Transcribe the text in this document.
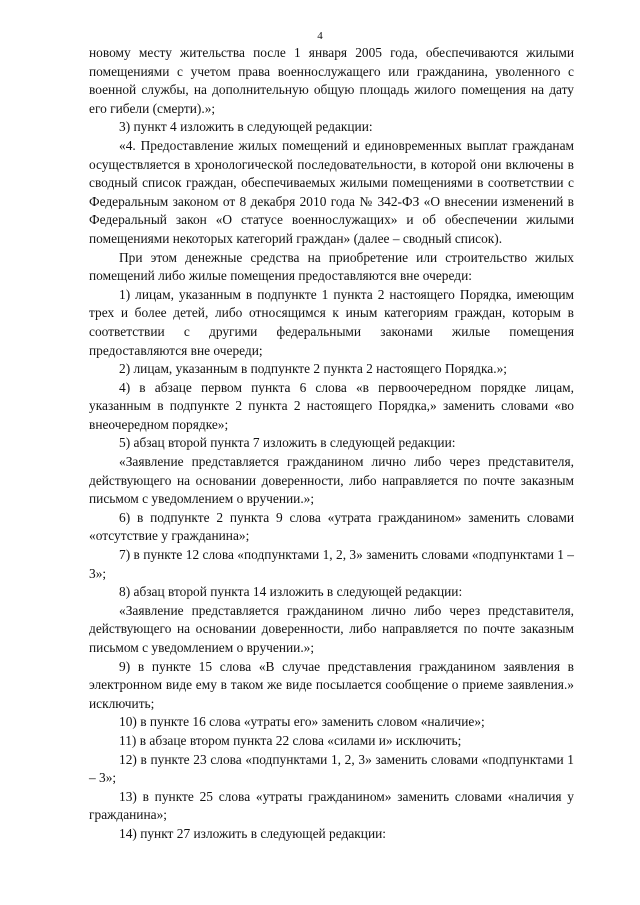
4

новому месту жительства после 1 января 2005 года, обеспечиваются жилыми помещениями с учетом права военнослужащего или гражданина, уволенного с военной службы, на дополнительную общую площадь жилого помещения на дату его гибели (смерти).»;

3) пункт 4 изложить в следующей редакции:

«4. Предоставление жилых помещений и единовременных выплат гражданам осуществляется в хронологической последовательности, в которой они включены в сводный список граждан, обеспечиваемых жилыми помещениями в соответствии с Федеральным законом от 8 декабря 2010 года № 342-ФЗ «О внесении изменений в Федеральный закон «О статусе военнослужащих» и об обеспечении жилыми помещениями некоторых категорий граждан» (далее – сводный список).

При этом денежные средства на приобретение или строительство жилых помещений либо жилые помещения предоставляются вне очереди:

1) лицам, указанным в подпункте 1 пункта 2 настоящего Порядка, имеющим трех и более детей, либо относящимся к иным категориям граждан, которым в соответствии с другими федеральными законами жилые помещения предоставляются вне очереди;

2) лицам, указанным в подпункте 2 пункта 2 настоящего Порядка.»;

4) в абзаце первом пункта 6 слова «в первоочередном порядке лицам, указанным в подпункте 2 пункта 2 настоящего Порядка,» заменить словами «во внеочередном порядке»;

5) абзац второй пункта 7 изложить в следующей редакции:

«Заявление представляется гражданином лично либо через представителя, действующего на основании доверенности, либо направляется по почте заказным письмом с уведомлением о вручении.»;

6) в подпункте 2 пункта 9 слова «утрата гражданином» заменить словами «отсутствие у гражданина»;

7) в пункте 12 слова «подпунктами 1, 2, 3» заменить словами «подпунктами 1 – 3»;

8) абзац второй пункта 14 изложить в следующей редакции:

«Заявление представляется гражданином лично либо через представителя, действующего на основании доверенности, либо направляется по почте заказным письмом с уведомлением о вручении.»;

9) в пункте 15 слова «В случае представления гражданином заявления в электронном виде ему в таком же виде посылается сообщение о приеме заявления.» исключить;

10) в пункте 16 слова «утраты его» заменить словом «наличие»;

11) в абзаце втором пункта 22 слова «силами и» исключить;

12) в пункте 23 слова «подпунктами 1, 2, 3» заменить словами «подпунктами 1 – 3»;

13) в пункте 25 слова «утраты гражданином» заменить словами «наличия у гражданина»;

14) пункт 27 изложить в следующей редакции:
